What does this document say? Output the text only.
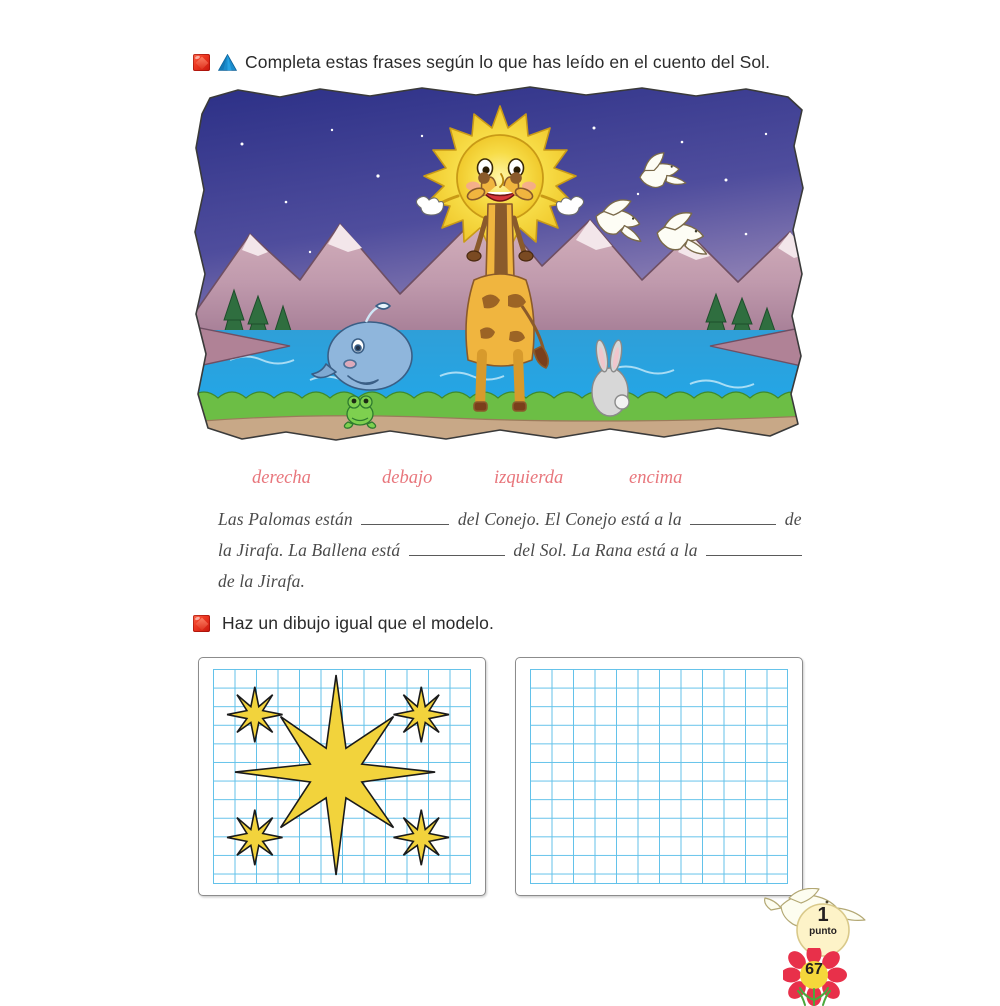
Completa estas frases según lo que has leído en el cuento del Sol.
derecha	debajo	izquierda	encima
Las Palomas están	del Conejo. El Conejo está a la	de
la Jirafa. La Ballena está	del Sol. La Rana está a la
de la Jirafa.
Haz un dibujo igual que el modelo.
1
punto
67
